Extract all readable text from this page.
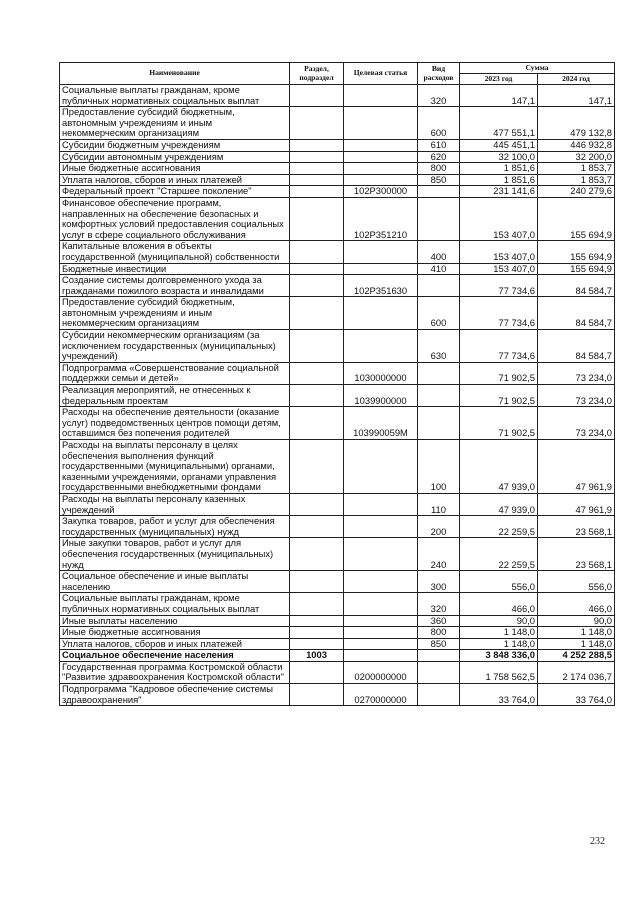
Наименование	Раздел, подраздел	Целевая статья	Вид расходов	Сумма	
				2023 год	2024 год
Социальные выплаты гражданам, кроме публичных нормативных социальных выплат			320	147,1	147,1
Предоставление субсидий бюджетным, автономным учреждениям и иным некоммерческим организациям			600	477 551,1	479 132,8
Субсидии бюджетным учреждениям			610	445 451,1	446 932,8
Субсидии автономным учреждениям			620	32 100,0	32 200,0
Иные бюджетные ассигнования			800	1 851,6	1 853,7
Уплата налогов, сборов и иных платежей			850	1 851,6	1 853,7
Федеральный проект "Старшее поколение"		102P300000		231 141,6	240 279,6
Финансовое обеспечение программ, направленных на обеспечение безопасных и комфортных условий предоставления социальных услуг в сфере социального обслуживания		102P351210		153 407,0	155 694,9
Капитальные вложения в объекты государственной (муниципальной) собственности			400	153 407,0	155 694,9
Бюджетные инвестиции			410	153 407,0	155 694,9
Создание системы долговременного ухода за гражданами пожилого возраста и инвалидами		102P351630		77 734,6	84 584,7
Предоставление субсидий бюджетным, автономным учреждениям и иным некоммерческим организациям			600	77 734,6	84 584,7
Субсидии некоммерческим организациям (за исключением государственных (муниципальных) учреждений)			630	77 734,6	84 584,7
Подпрограмма «Совершенствование социальной поддержки семьи и детей»		1030000000		71 902,5	73 234,0
Реализация мероприятий, не отнесенных к федеральным проектам		1039900000		71 902,5	73 234,0
Расходы на обеспечение деятельности (оказание услуг) подведомственных центров помощи детям, оставшимся без попечения родителей		103990059М		71 902,5	73 234,0
Расходы на выплаты персоналу в целях обеспечения выполнения функций государственными (муниципальными) органами, казенными учреждениями, органами управления государственными внебюджетными фондами			100	47 939,0	47 961,9
Расходы на выплаты персоналу казенных учреждений			110	47 939,0	47 961,9
Закупка товаров, работ и услуг для обеспечения государственных (муниципальных) нужд			200	22 259,5	23 568,1
Иные закупки товаров, работ и услуг для обеспечения государственных (муниципальных) нужд			240	22 259,5	23 568,1
Социальное обеспечение и иные выплаты населению			300	556,0	556,0
Социальные выплаты гражданам, кроме публичных нормативных социальных выплат			320	466,0	466,0
Иные выплаты населению			360	90,0	90,0
Иные бюджетные ассигнования			800	1 148,0	1 148,0
Уплата налогов, сборов и иных платежей			850	1 148,0	1 148,0
Социальное обеспечение населения	1003			3 848 336,0	4 252 288,5
Государственная программа Костромской области "Развитие здравоохранения Костромской области"		0200000000		1 758 562,5	2 174 036,7
Подпрограмма "Кадровое обеспечение системы здравоохранения"		0270000000		33 764,0	33 764,0
232
